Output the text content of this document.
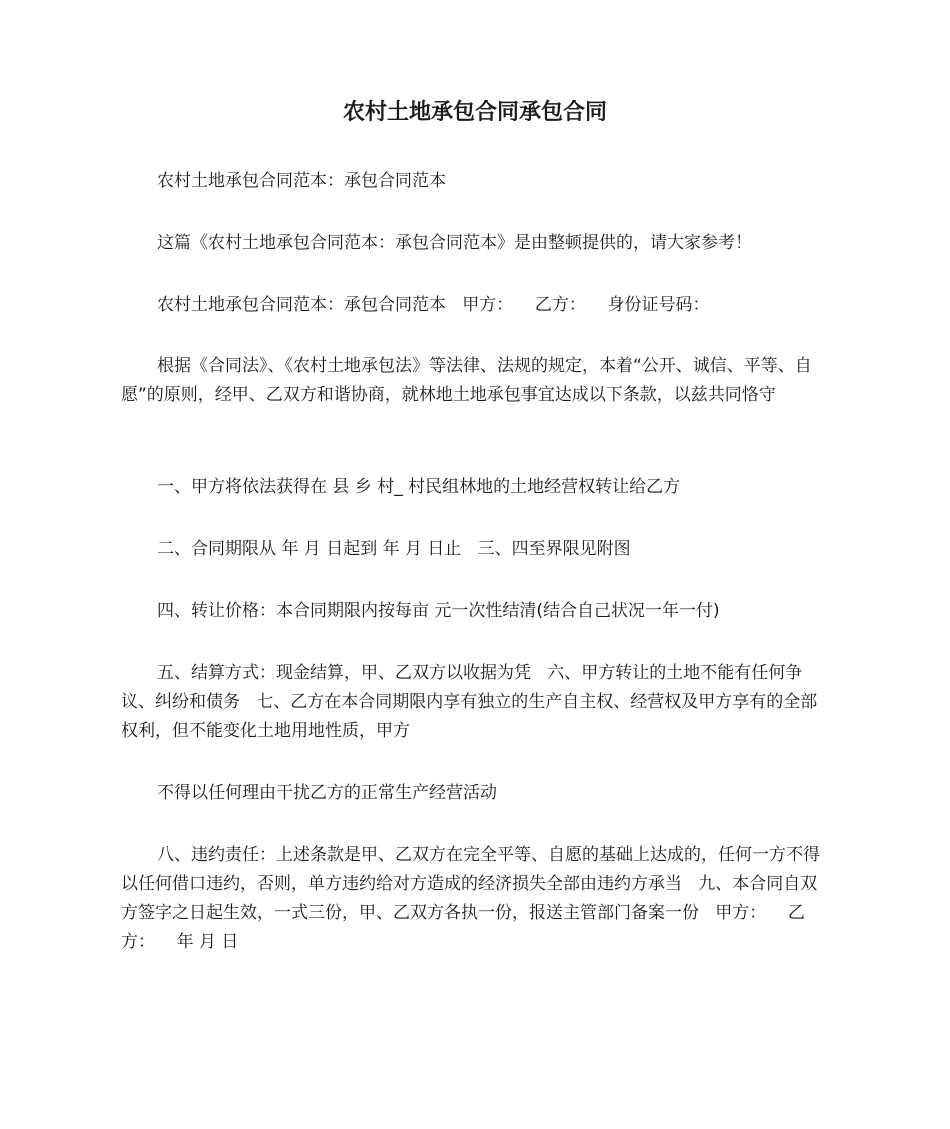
农村土地承包合同承包合同

农村土地承包合同范本：承包合同范本

这篇《农村土地承包合同范本：承包合同范本》是由整顿提供的，请大家参考！

农村土地承包合同范本：承包合同范本   甲方：    乙方：    身份证号码：

根据《合同法》、《农村土地承包法》等法律、法规的规定，本着“公开、诚信、平等、自愿”的原则，经甲、乙双方和谐协商，就林地土地承包事宜达成以下条款，以兹共同恪守

一、甲方将依法获得在 县 乡 村_ 村民组林地的土地经营权转让给乙方

二、合同期限从 年 月 日起到 年 月 日止   三、四至界限见附图

四、转让价格：本合同期限内按每亩 元一次性结清(结合自己状况一年一付)

五、结算方式：现金结算，甲、乙双方以收据为凭   六、甲方转让的土地不能有任何争议、纠纷和债务   七、乙方在本合同期限内享有独立的生产自主权、经营权及甲方享有的全部权利，但不能变化土地用地性质，甲方

不得以任何理由干扰乙方的正常生产经营活动

八、违约责任：上述条款是甲、乙双方在完全平等、自愿的基础上达成的，任何一方不得以任何借口违约，否则，单方违约给对方造成的经济损失全部由违约方承当   九、本合同自双方签字之日起生效，一式三份，甲、乙双方各执一份，报送主管部门备案一份   甲方：    乙方：    年 月 日
